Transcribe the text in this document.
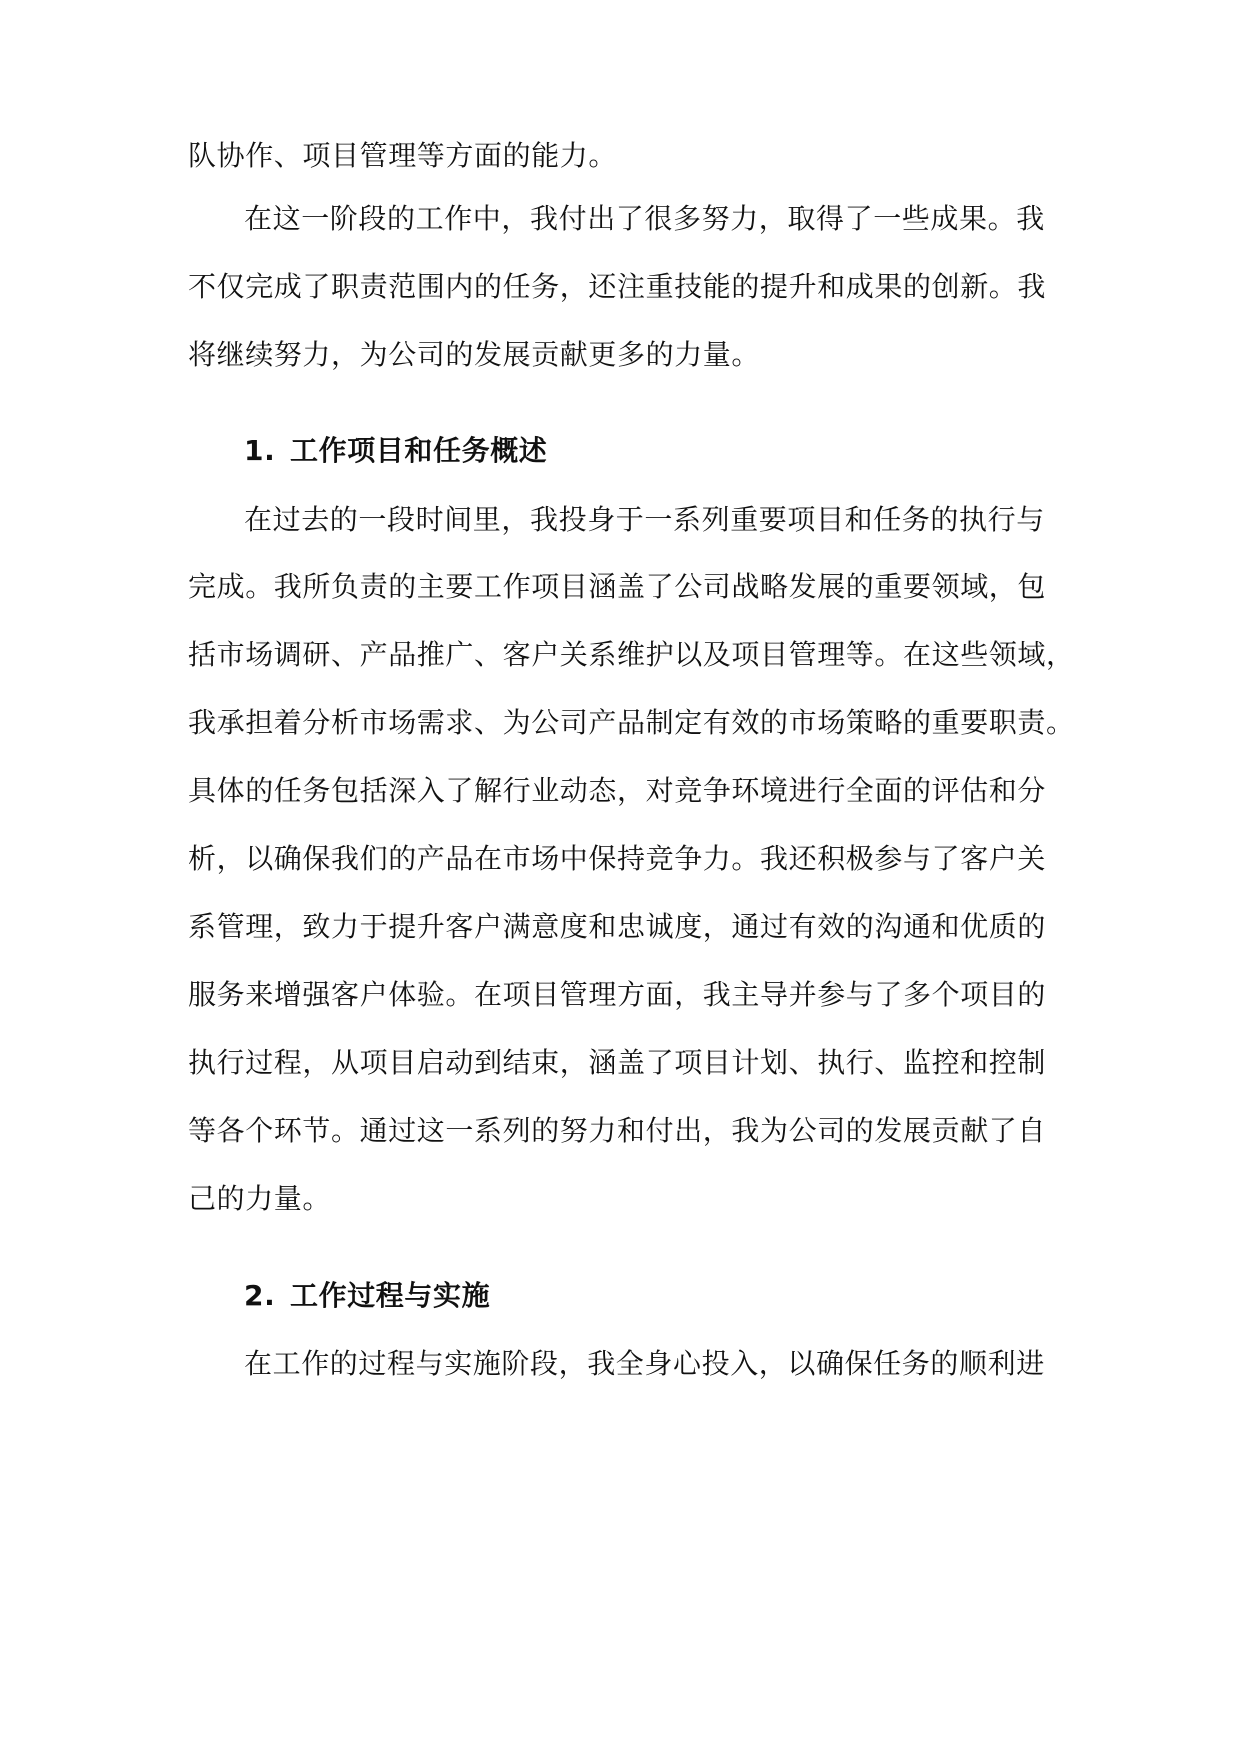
队协作、项目管理等方面的能力。
在这一阶段的工作中，我付出了很多努力，取得了一些成果。我
不仅完成了职责范围内的任务，还注重技能的提升和成果的创新。我
将继续努力，为公司的发展贡献更多的力量。
1. 工作项目和任务概述
在过去的一段时间里，我投身于一系列重要项目和任务的执行与
完成。我所负责的主要工作项目涵盖了公司战略发展的重要领域，包
括市场调研、产品推广、客户关系维护以及项目管理等。在这些领域，
我承担着分析市场需求、为公司产品制定有效的市场策略的重要职责。
具体的任务包括深入了解行业动态，对竞争环境进行全面的评估和分
析，以确保我们的产品在市场中保持竞争力。我还积极参与了客户关
系管理，致力于提升客户满意度和忠诚度，通过有效的沟通和优质的
服务来增强客户体验。在项目管理方面，我主导并参与了多个项目的
执行过程，从项目启动到结束，涵盖了项目计划、执行、监控和控制
等各个环节。通过这一系列的努力和付出，我为公司的发展贡献了自
己的力量。
2. 工作过程与实施
在工作的过程与实施阶段，我全身心投入，以确保任务的顺利进
